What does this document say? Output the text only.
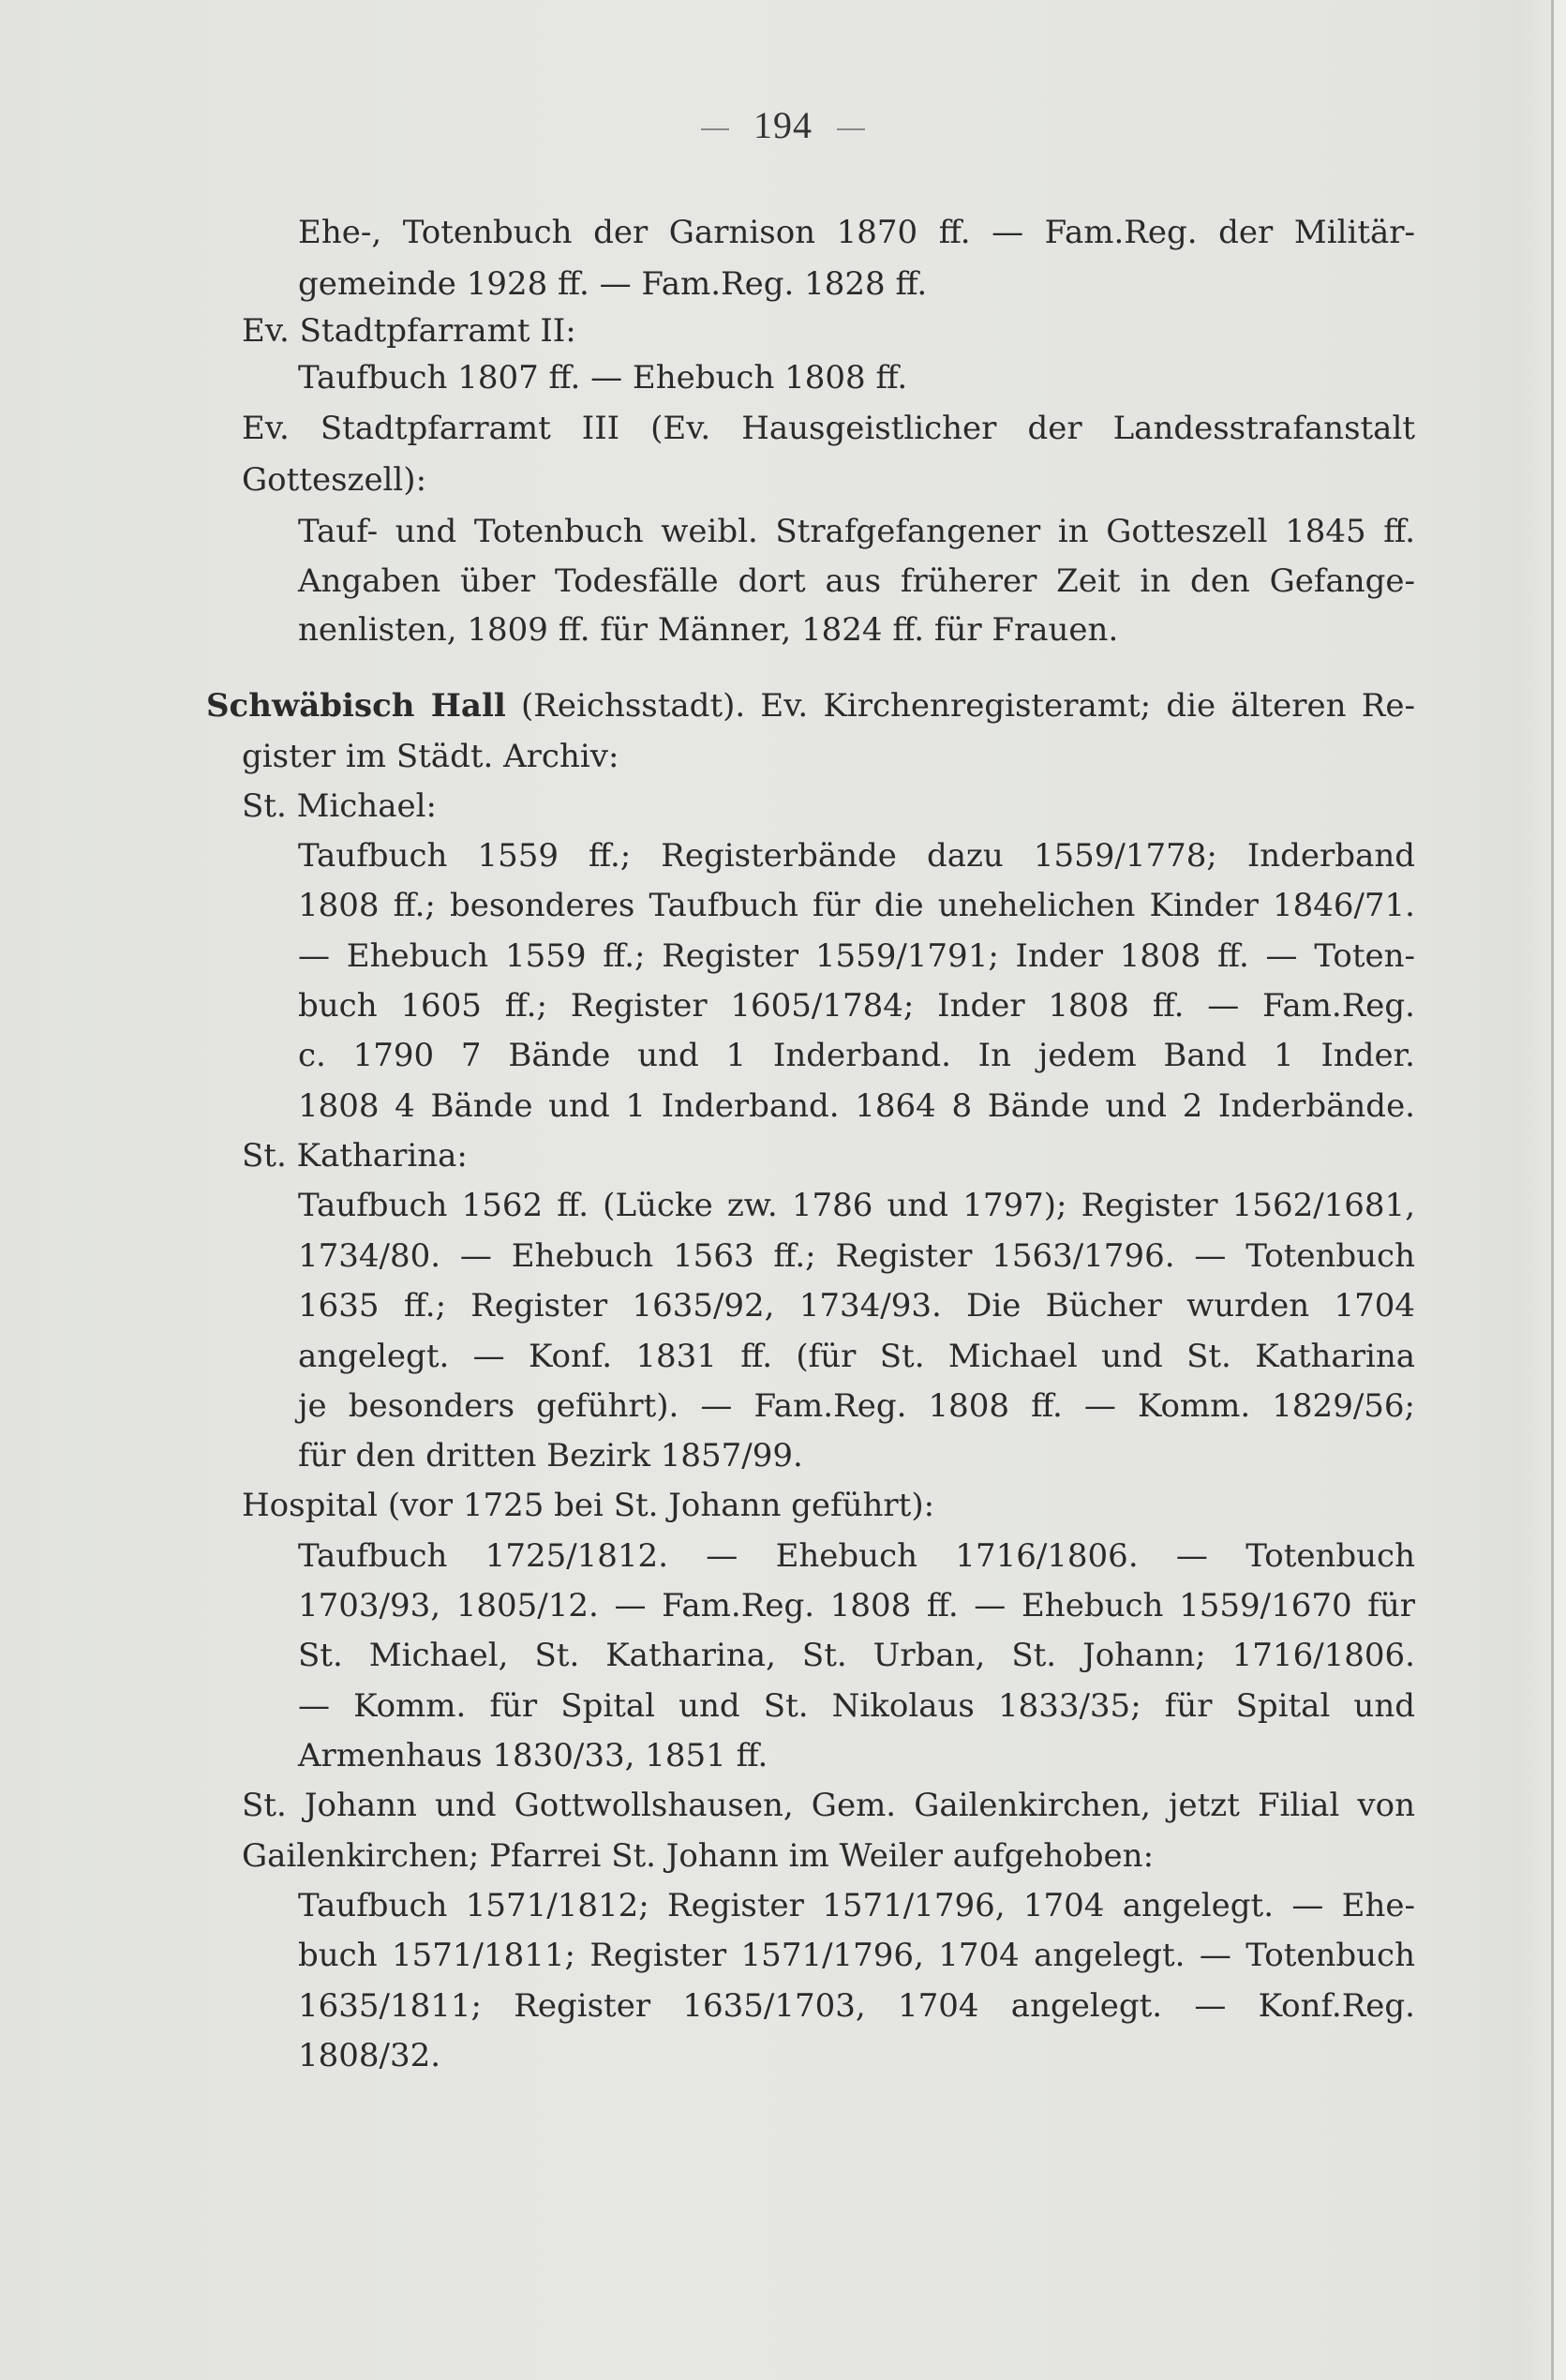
194
Ehe-, Totenbuch der Garnison 1870 ff. — Fam.Reg. der Militär-
gemeinde 1928 ff. — Fam.Reg. 1828 ff.
Ev. Stadtpfarramt II:
Taufbuch 1807 ff. — Ehebuch 1808 ff.
Ev. Stadtpfarramt III (Ev. Hausgeistlicher der Landesstrafanstalt
Gotteszell):
Tauf- und Totenbuch weibl. Strafgefangener in Gotteszell 1845 ff.
Angaben über Todesfälle dort aus früherer Zeit in den Gefange-
nenlisten, 1809 ff. für Männer, 1824 ff. für Frauen.
Schwäbisch Hall (Reichsstadt). Ev. Kirchenregisteramt; die älteren Re-
gister im Städt. Archiv:
St. Michael:
Taufbuch 1559 ff.; Registerbände dazu 1559/1778; Inderband
1808 ff.; besonderes Taufbuch für die unehelichen Kinder 1846/71.
— Ehebuch 1559 ff.; Register 1559/1791; Inder 1808 ff. — Toten-
buch 1605 ff.; Register 1605/1784; Inder 1808 ff. — Fam.Reg.
c. 1790 7 Bände und 1 Inderband. In jedem Band 1 Inder.
1808 4 Bände und 1 Inderband. 1864 8 Bände und 2 Inderbände.
St. Katharina:
Taufbuch 1562 ff. (Lücke zw. 1786 und 1797); Register 1562/1681,
1734/80. — Ehebuch 1563 ff.; Register 1563/1796. — Totenbuch
1635 ff.; Register 1635/92, 1734/93. Die Bücher wurden 1704
angelegt. — Konf. 1831 ff. (für St. Michael und St. Katharina
je besonders geführt). — Fam.Reg. 1808 ff. — Komm. 1829/56;
für den dritten Bezirk 1857/99.
Hospital (vor 1725 bei St. Johann geführt):
Taufbuch 1725/1812. — Ehebuch 1716/1806. — Totenbuch
1703/93, 1805/12. — Fam.Reg. 1808 ff. — Ehebuch 1559/1670 für
St. Michael, St. Katharina, St. Urban, St. Johann; 1716/1806.
— Komm. für Spital und St. Nikolaus 1833/35; für Spital und
Armenhaus 1830/33, 1851 ff.
St. Johann und Gottwollshausen, Gem. Gailenkirchen, jetzt Filial von
Gailenkirchen; Pfarrei St. Johann im Weiler aufgehoben:
Taufbuch 1571/1812; Register 1571/1796, 1704 angelegt. — Ehe-
buch 1571/1811; Register 1571/1796, 1704 angelegt. — Totenbuch
1635/1811; Register 1635/1703, 1704 angelegt. — Konf.Reg.
1808/32.
